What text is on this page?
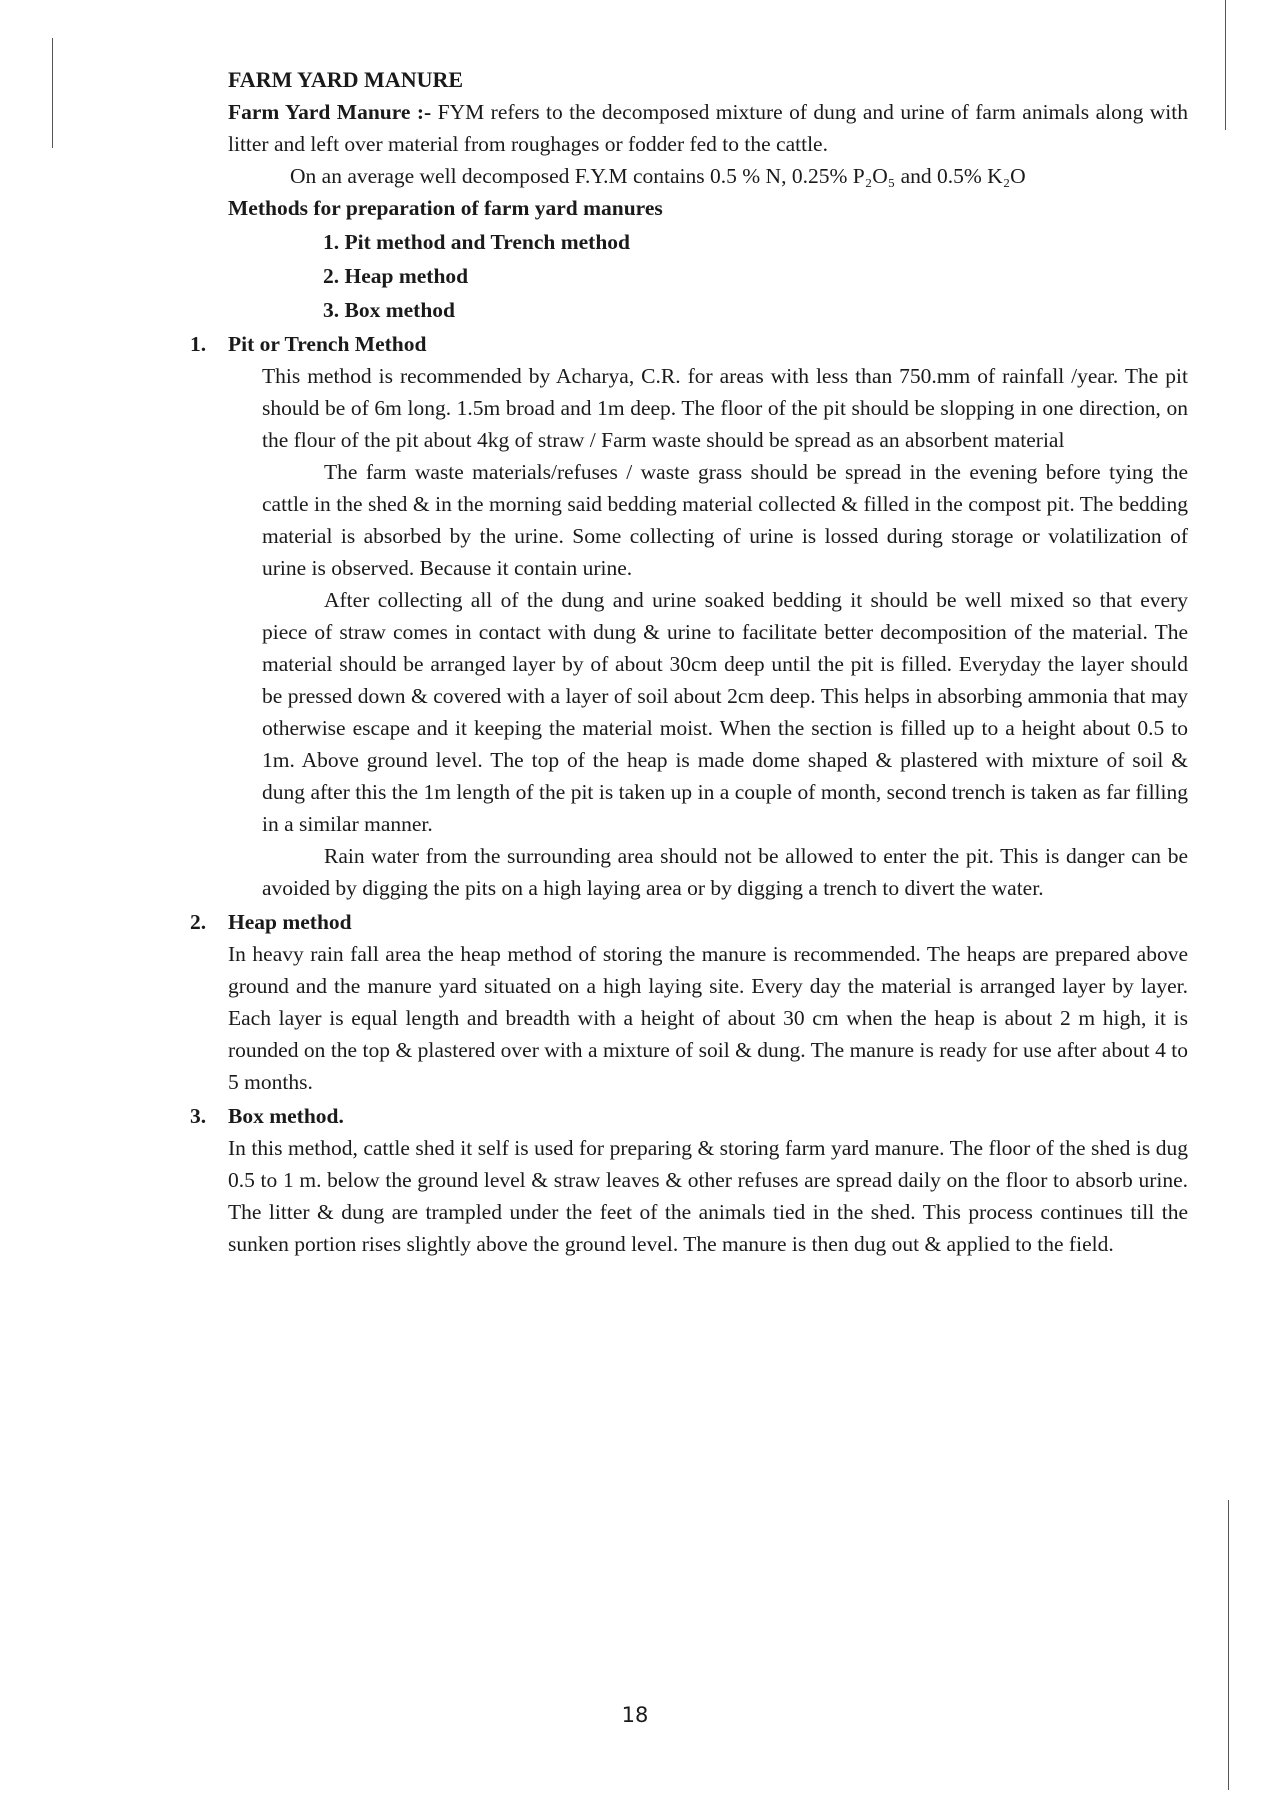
FARM YARD MANURE

Farm Yard Manure :- FYM refers to the decomposed mixture of dung and urine of farm animals along with litter and left over material from roughages or fodder fed to the cattle.

On an average well decomposed F.Y.M contains 0.5 % N, 0.25% P₂O₅ and 0.5% K₂O

Methods for preparation of farm yard manures

1. Pit method and Trench method
2. Heap method
3. Box method
1. Pit or Trench Method

This method is recommended by Acharya, C.R. for areas with less than 750.mm of rainfall /year. The pit should be of 6m long. 1.5m broad and 1m deep. The floor of the pit should be slopping in one direction, on the flour of the pit about 4kg of straw / Farm waste should be spread as an absorbent material

The farm waste materials/refuses / waste grass should be spread in the evening before tying the cattle in the shed & in the morning said bedding material collected & filled in the compost pit. The bedding material is absorbed by the urine. Some collecting of urine is lossed during storage or volatilization of urine is observed. Because it contain urine.

After collecting all of the dung and urine soaked bedding it should be well mixed so that every piece of straw comes in contact with dung & urine to facilitate better decomposition of the material. The material should be arranged layer by of about 30cm deep until the pit is filled. Everyday the layer should be pressed down & covered with a layer of soil about 2cm deep. This helps in absorbing ammonia that may otherwise escape and it keeping the material moist. When the section is filled up to a height about 0.5 to 1m. Above ground level. The top of the heap is made dome shaped & plastered with mixture of soil & dung after this the 1m length of the pit is taken up in a couple of month, second trench is taken as far filling in a similar manner.

Rain water from the surrounding area should not be allowed to enter the pit. This is danger can be avoided by digging the pits on a high laying area or by digging a trench to divert the water.

2. Heap method

In heavy rain fall area the heap method of storing the manure is recommended. The heaps are prepared above ground and the manure yard situated on a high laying site. Every day the material is arranged layer by layer. Each layer is equal length and breadth with a height of about 30 cm when the heap is about 2 m high, it is rounded on the top & plastered over with a mixture of soil & dung. The manure is ready for use after about 4 to 5 months.

3. Box method.

In this method, cattle shed it self is used for preparing & storing farm yard manure. The floor of the shed is dug 0.5 to 1 m. below the ground level & straw leaves & other refuses are spread daily on the floor to absorb urine. The litter & dung are trampled under the feet of the animals tied in the shed. This process continues till the sunken portion rises slightly above the ground level. The manure is then dug out & applied to the field.

18
